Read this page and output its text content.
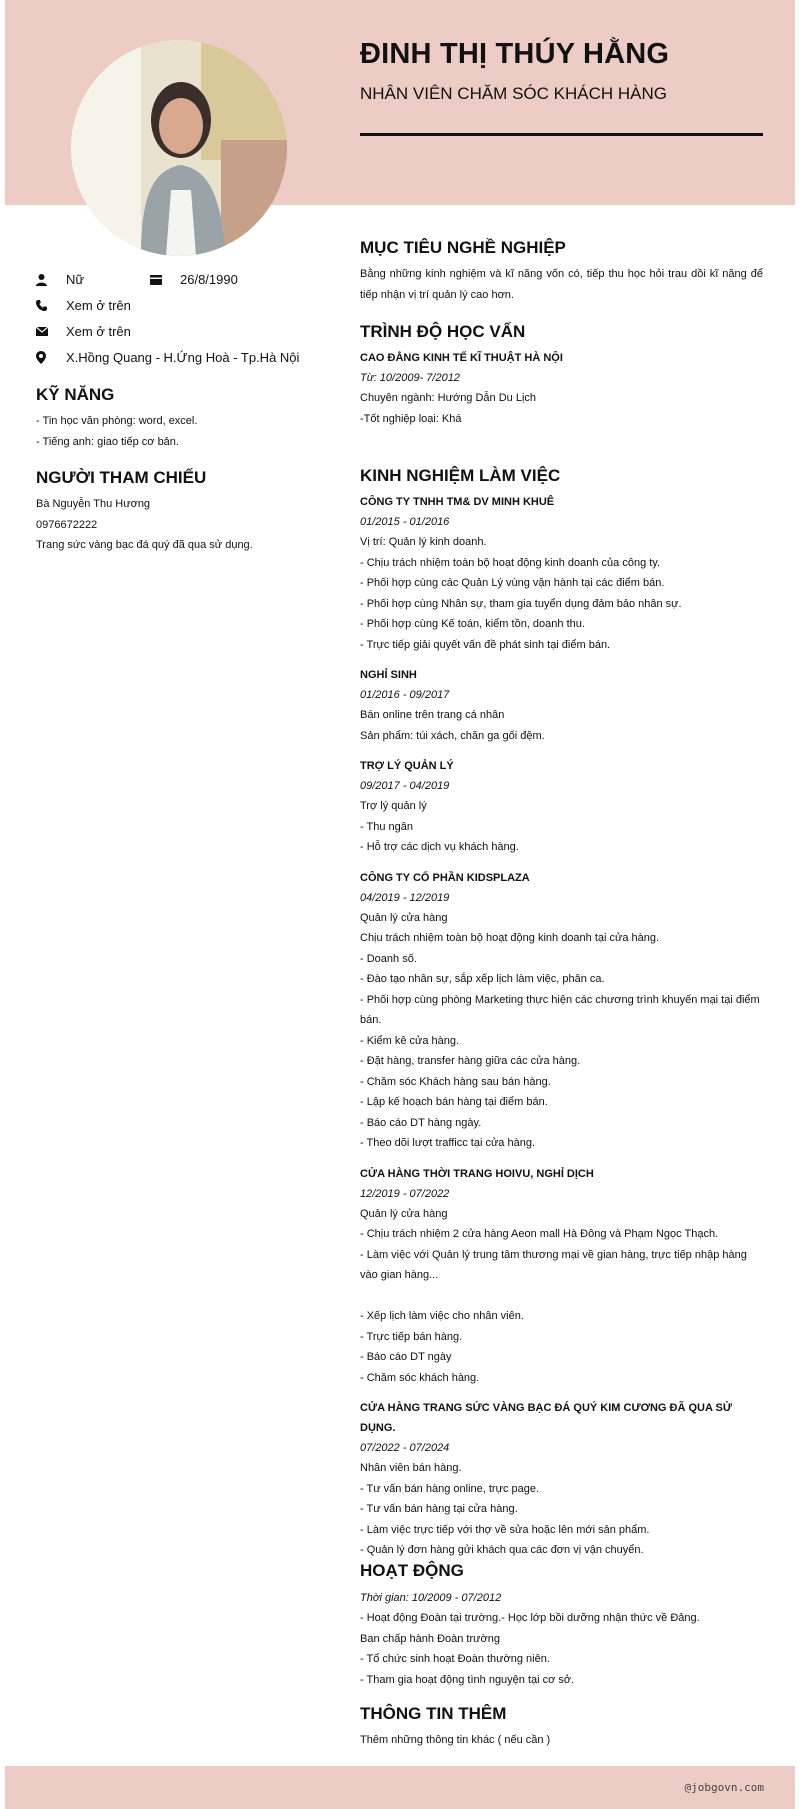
ĐINH THỊ THÚY HẰNG
NHÂN VIÊN CHĂM SÓC KHÁCH HÀNG
Nữ	26/8/1990
Xem ở trên
Xem ở trên
X.Hồng Quang - H.Ứng Hoà - Tp.Hà Nội
KỸ NĂNG
- Tin học văn phòng: word, excel.
- Tiếng anh: giao tiếp cơ bản.
NGƯỜI THAM CHIẾU
Bà Nguyễn Thu Hương
0976672222
Trang sức vàng bạc đá quý đã qua sử dụng.
MỤC TIÊU NGHỀ NGHIỆP
Bằng những kinh nghiệm và kĩ năng vốn có, tiếp thu học hỏi trau dồi kĩ năng để tiếp nhận vị trí quản lý cao hơn.
TRÌNH ĐỘ HỌC VẤN
CAO ĐẲNG KINH TẾ KĨ THUẬT HÀ NỘI
Từ: 10/2009- 7/2012
Chuyên ngành: Hướng Dẫn Du Lịch
-Tốt nghiệp loại: Khá
KINH NGHIỆM LÀM VIỆC
CÔNG TY TNHH TM& DV MINH KHUÊ
01/2015 - 01/2016
Vị trí: Quản lý kinh doanh.
- Chịu trách nhiệm toàn bộ hoạt động kinh doanh của công ty.
- Phối hợp cùng các Quản Lý vùng vận hành tại các điểm bán.
- Phối hợp cùng Nhân sự, tham gia tuyển dụng đảm bảo nhân sự.
- Phối hợp cùng Kế toán, kiểm tồn, doanh thu.
- Trực tiếp giải quyết vấn đề phát sinh tại điểm bán.
NGHỈ SINH
01/2016 - 09/2017
Bán online trên trang cá nhân
Sản phẩm: túi xách, chăn ga gối đệm.
TRỢ LÝ QUẢN LÝ
09/2017 - 04/2019
Trợ lý quản lý
- Thu ngân
- Hỗ trợ các dịch vụ khách hàng.
CÔNG TY CỔ PHẦN KIDSPLAZA
04/2019 - 12/2019
Quản lý cửa hàng
Chịu trách nhiệm toàn bộ hoạt động kinh doanh tại cửa hàng.
- Doanh số.
- Đào tạo nhân sự, sắp xếp lịch làm việc, phân ca.
- Phối hợp cùng phòng Marketing thực hiện các chương trình khuyến mại tại điểm bán.
- Kiểm kê cửa hàng.
- Đặt hàng, transfer hàng giữa các cửa hàng.
- Chăm sóc Khách hàng sau bán hàng.
- Lập kế hoạch bán hàng tại điểm bán.
- Báo cáo DT hàng ngày.
- Theo dõi lượt trafficc tại cửa hàng.
CỬA HÀNG THỜI TRANG HOIVU, NGHỈ DỊCH
12/2019 - 07/2022
Quản lý cửa hàng
- Chịu trách nhiệm 2 cửa hàng Aeon mall Hà Đông và Phạm Ngọc Thạch.
- Làm việc với Quản lý trung tâm thương mại về gian hàng, trực tiếp nhập hàng vào gian hàng...
- Xếp lịch làm việc cho nhân viên.
- Trực tiếp bán hàng.
- Báo cáo DT ngày
- Chăm sóc khách hàng.
CỬA HÀNG TRANG SỨC VÀNG BẠC ĐÁ QUÝ KIM CƯƠNG ĐÃ QUA SỬ DỤNG.
07/2022 - 07/2024
Nhân viên bán hàng.
- Tư vấn bán hàng online, trực page.
- Tư vấn bán hàng tại cửa hàng.
- Làm việc trực tiếp với thợ về sửa hoặc lên mới sản phẩm.
- Quản lý đơn hàng gửi khách qua các đơn vị vận chuyển.
HOẠT ĐỘNG
Thời gian: 10/2009 - 07/2012
- Hoạt động Đoàn tại trường.- Học lớp bồi dưỡng nhận thức về Đảng.
Ban chấp hành Đoàn trường
- Tổ chức sinh hoạt Đoàn thường niên.
- Tham gia hoạt động tình nguyện tại cơ sở.
THÔNG TIN THÊM
Thêm những thông tin khác ( nếu cần )
@jobgovn.com
